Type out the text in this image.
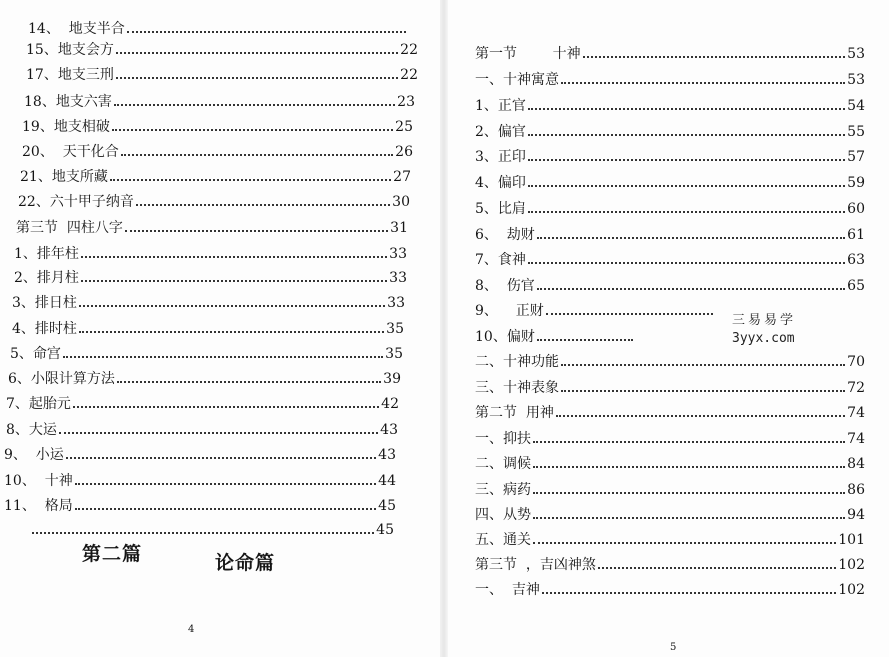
14、  地支半合
15、地支会方	22
17、地支三刑	22
18、地支六害	23
19、地支相破	25
20、  天干化合	26
21、地支所藏	27
22、六十甲子纳音	30
第三节  四柱八字	31
1、排年柱	33
2、排月柱	33
3、排日柱	33
4、排时柱	35
5、命宫	35
6、小限计算方法	39
7、起胎元	42
8、大运	43
9、  小运	43
10、  十神	44
11、  格局	45
45
第二篇	论命篇
4
第一节        十神	53
一、十神寓意	53
1、正官	54
2、偏官	55
3、正印	57
4、偏印	59
5、比肩	60
6、  劫财	61
7、食神	63
8、  伤官	65
9、    正财
10、偏财
二、十神功能	70
三、十神表象	72
第二节  用神	74
一、抑扶	74
二、调候	84
三、病药	86
四、从势	94
五、通关	101
第三节  ，吉凶神煞	102
一、  吉神	102
三易易学
3yyx.com
5
